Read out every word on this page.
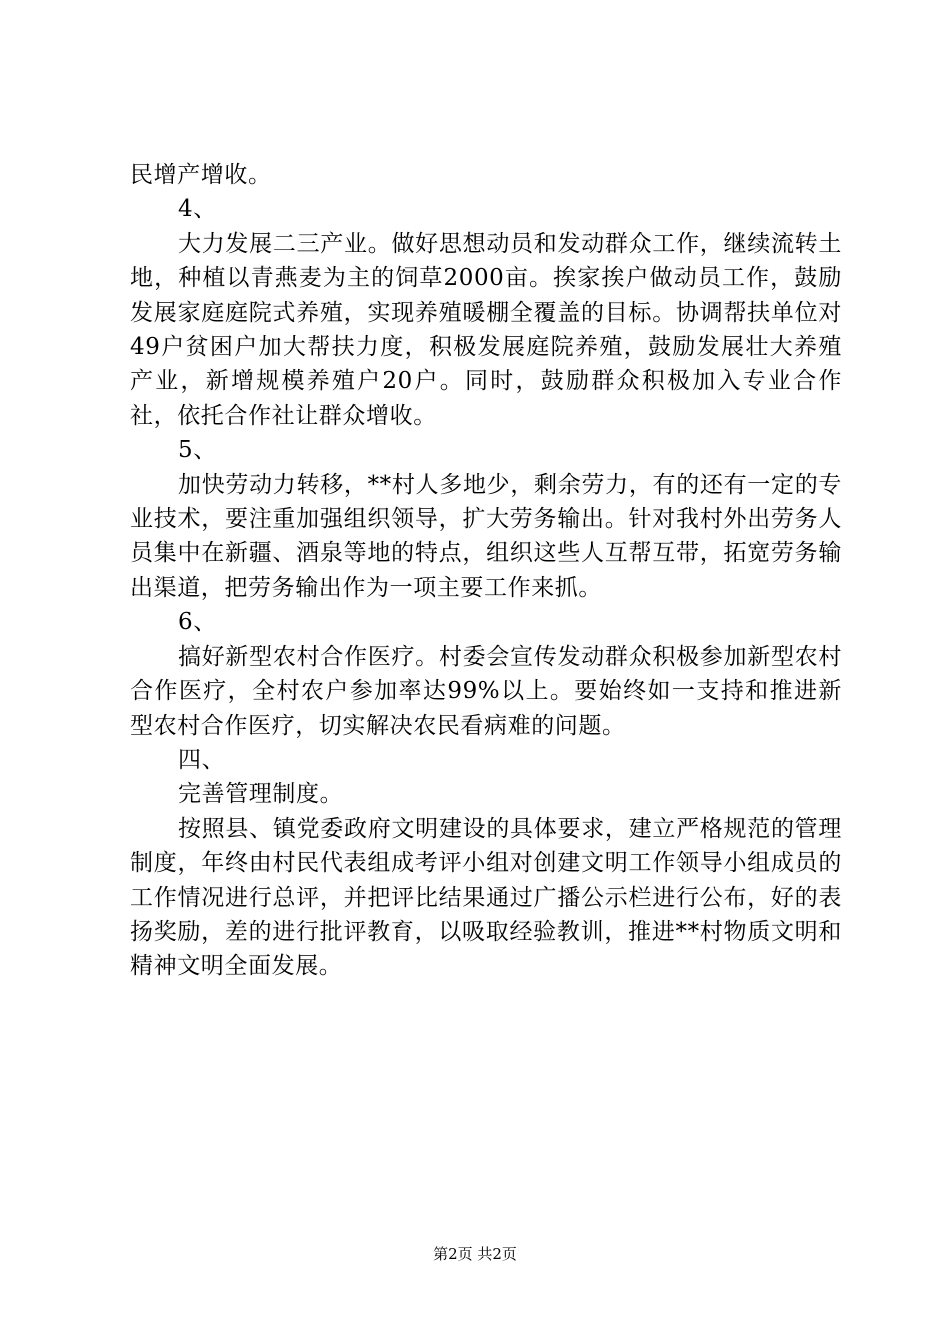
民增产增收。

4、

大力发展二三产业。做好思想动员和发动群众工作，继续流转土地，种植以青燕麦为主的饲草2000亩。挨家挨户做动员工作，鼓励发展家庭庭院式养殖，实现养殖暖棚全覆盖的目标。协调帮扶单位对49户贫困户加大帮扶力度，积极发展庭院养殖，鼓励发展壮大养殖产业，新增规模养殖户20户。同时，鼓励群众积极加入专业合作社，依托合作社让群众增收。

5、

加快劳动力转移，**村人多地少，剩余劳力，有的还有一定的专业技术，要注重加强组织领导，扩大劳务输出。针对我村外出劳务人员集中在新疆、酒泉等地的特点，组织这些人互帮互带，拓宽劳务输出渠道，把劳务输出作为一项主要工作来抓。

6、

搞好新型农村合作医疗。村委会宣传发动群众积极参加新型农村合作医疗，全村农户参加率达99%以上。要始终如一支持和推进新型农村合作医疗，切实解决农民看病难的问题。

四、

完善管理制度。

按照县、镇党委政府文明建设的具体要求，建立严格规范的管理制度，年终由村民代表组成考评小组对创建文明工作领导小组成员的工作情况进行总评，并把评比结果通过广播公示栏进行公布，好的表扬奖励，差的进行批评教育，以吸取经验教训，推进**村物质文明和精神文明全面发展。

第2页 共2页
